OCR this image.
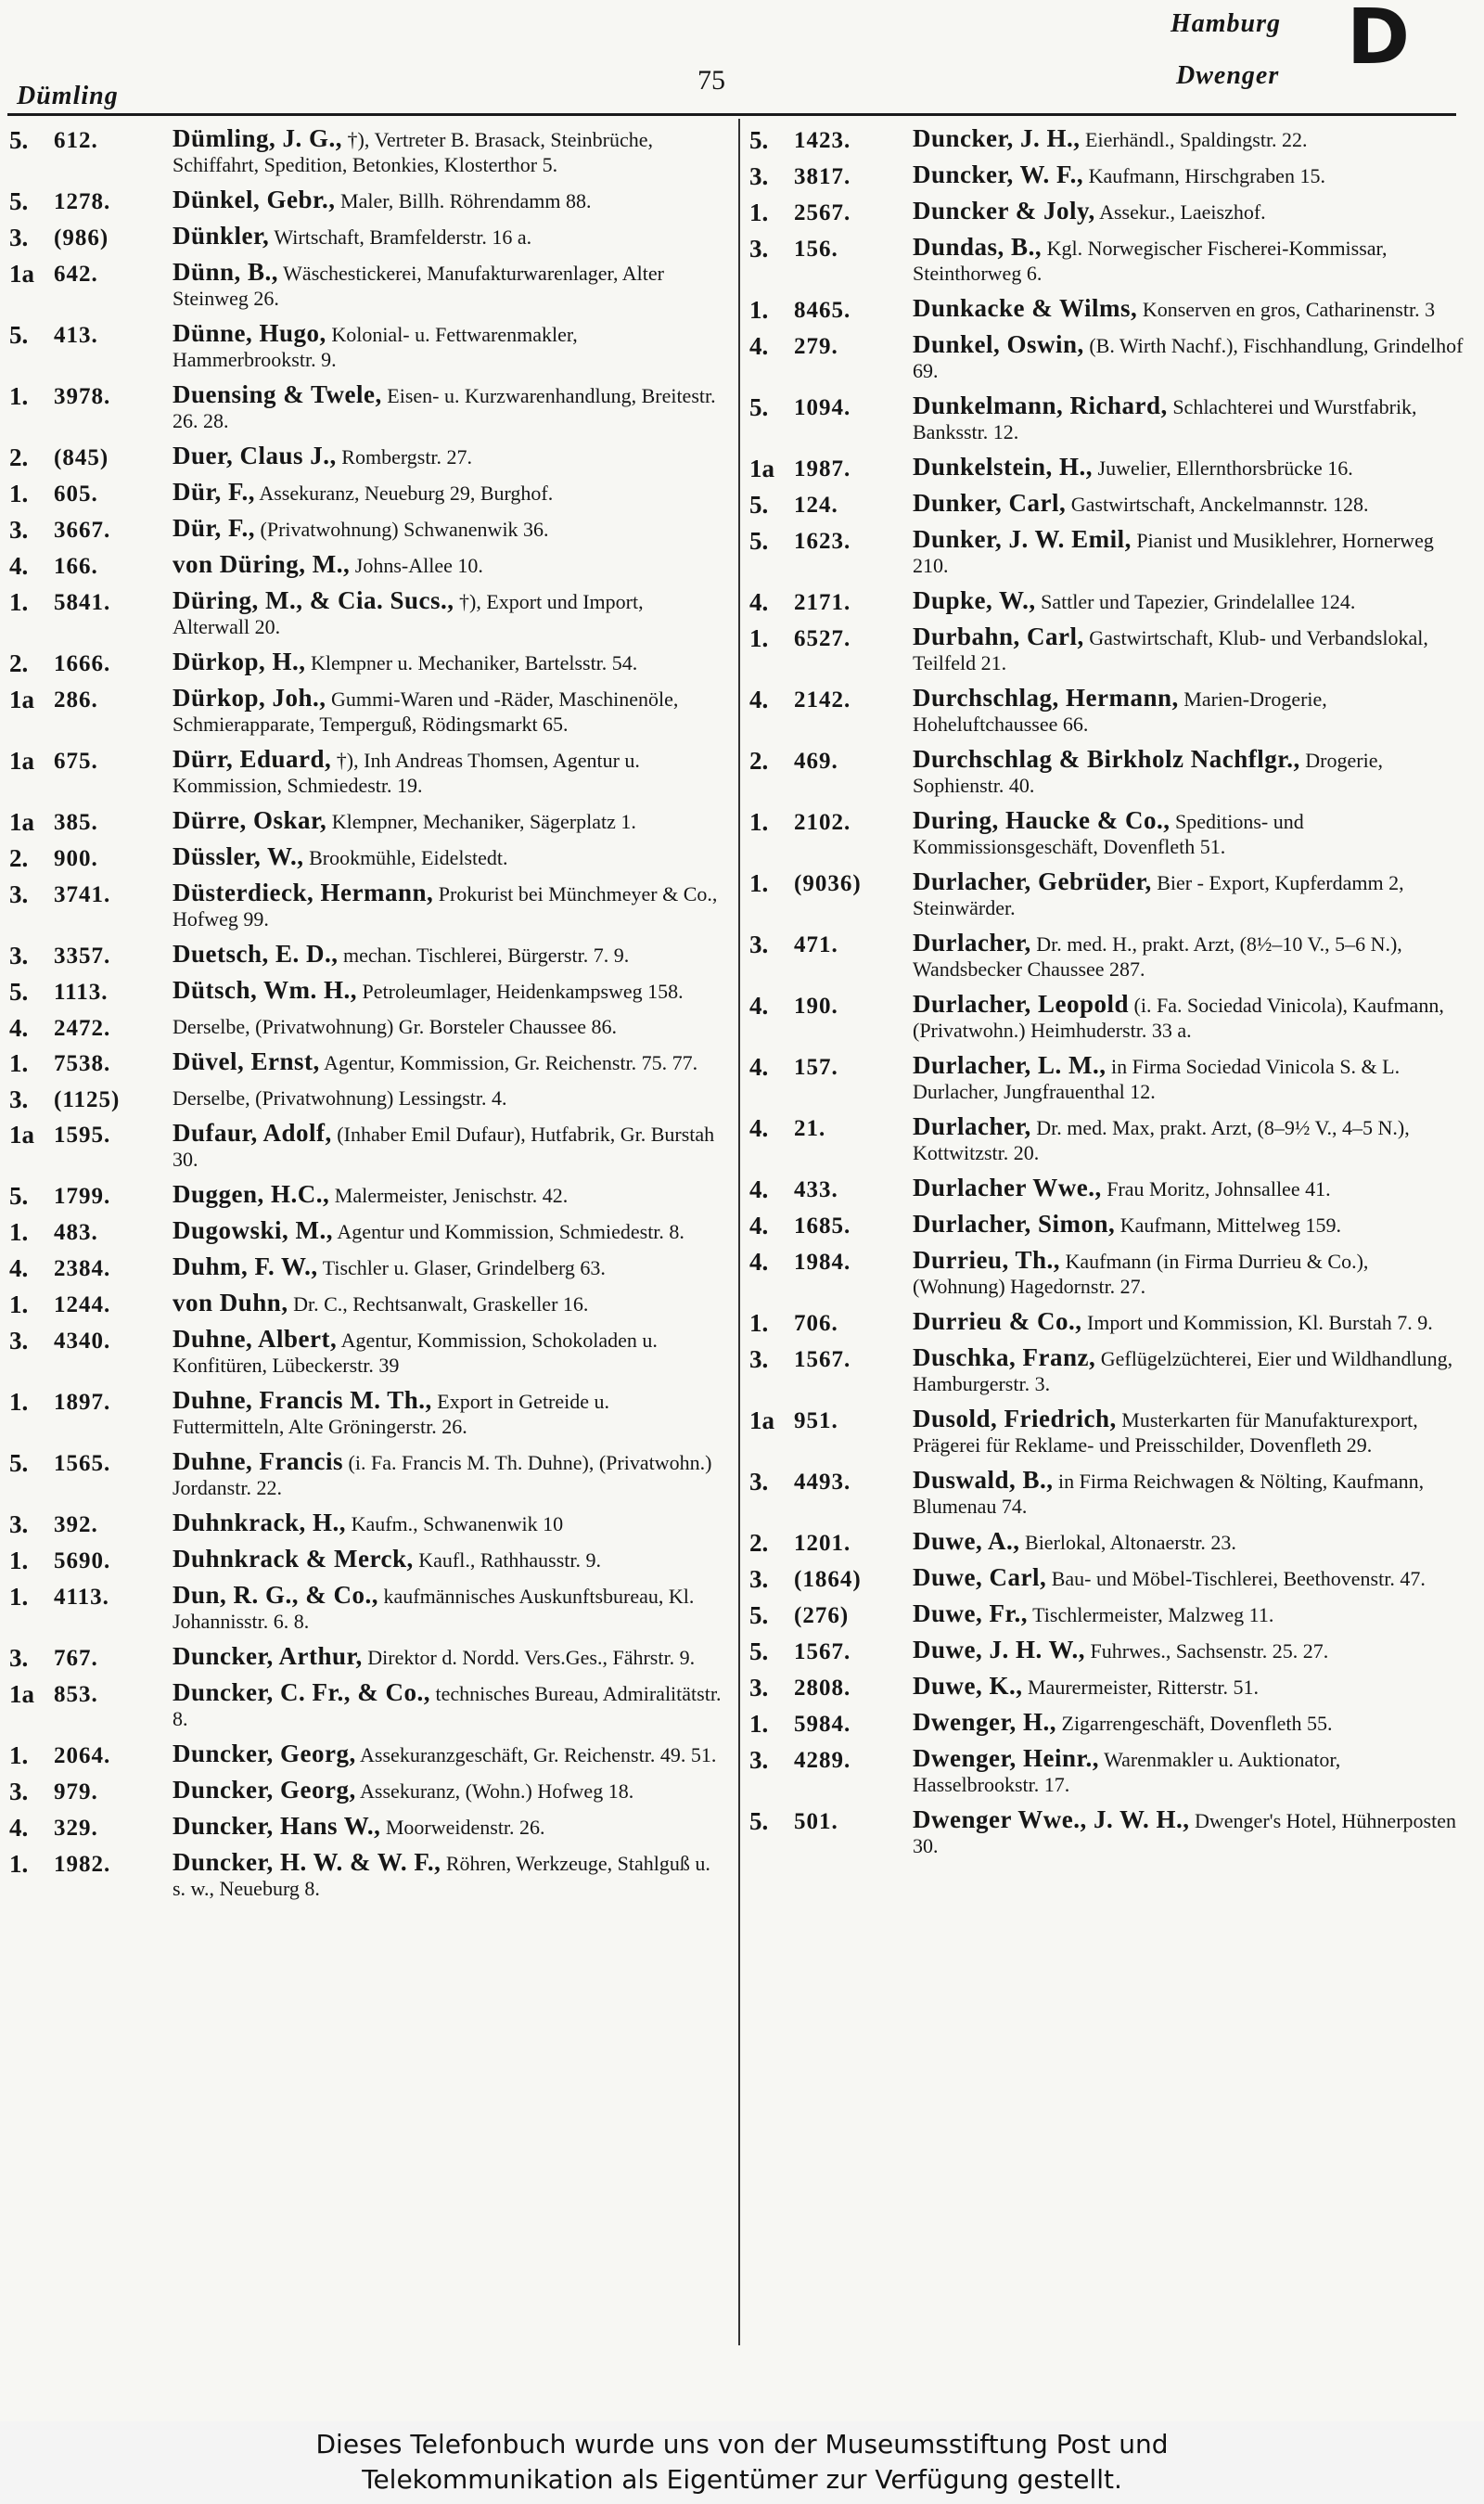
Dümling
75
Hamburg
Dwenger D
5. 612.	Dümling, J. G., †), Vertreter B. Brasack, Steinbrüche, Schiffahrt, Spedition, Betonkies, Klosterthor 5.
5. 1278. Dünkel, Gebr., Maler, Billh. Röhrendamm 88.
3. (986)	Dünkler, Wirtschaft, Bramfelderstr. 16 a.
1a 642.	Dünn, B., Wäschestickerei, Manufakturwarenlager, Alter Steinweg 26.
5. 413.	Dünne, Hugo, Kolonial- u. Fettwarenmakler, Hammerbrookstr. 9.
1. 3978. Duensing & Twele, Eisen- u. Kurzwarenhandlung, Breitestr. 26. 28.
2. (845)	Duer, Claus J., Rombergstr. 27.
1. 605.	Dür, F., Assekuranz, Neueburg 29, Burghof.
3. 3667. Dür, F., (Privatwohnung) Schwanenwik 36.
4. 166.	von Düring, M., Johns-Allee 10.
1. 5841. Düring, M., & Cia. Sucs., †), Export und Import, Alterwall 20.
2. 1666. Dürkop, H., Klempner u. Mechaniker, Bartelsstr. 54.
1a 286.	Dürkop, Joh., Gummi-Waren und -Räder, Maschinenöle, Schmierapparate, Temperguß, Rödingsmarkt 65.
1a 675.	Dürr, Eduard, †), Inh Andreas Thomsen, Agentur u. Kommission, Schmiedestr. 19.
1a 385.	Dürre, Oskar, Klempner, Mechaniker, Sägerplatz 1.
2. 900.	Düssler, W., Brookmühle, Eidelstedt.
3. 3741. Düsterdieck, Hermann, Prokurist bei Münchmeyer & Co., Hofweg 99.
3. 3357. Duetsch, E. D., mechan. Tischlerei, Bürgerstr. 7. 9.
5. 1113.	Dütsch, Wm. H., Petroleumlager, Heidenkampsweg 158.
4. 2472.	Derselbe, (Privatwohnung) Gr. Borsteler Chaussee 86.
1. 7538. Düvel, Ernst, Agentur, Kommission, Gr. Reichenstr. 75. 77.
3. (1125)	Derselbe, (Privatwohnung) Lessingstr. 4.
1a 1595. Dufaur, Adolf, (Inhaber Emil Dufaur), Hutfabrik, Gr. Burstah 30.
5. 1799. Duggen, H.C., Malermeister, Jenischstr. 42.
1. 483.	Dugowski, M., Agentur und Kommission, Schmiedestr. 8.
4. 2384. Duhm, F. W., Tischler u. Glaser, Grindelberg 63.
1. 1244. von Duhn, Dr. C., Rechtsanwalt, Graskeller 16.
3. 4340. Duhne, Albert, Agentur, Kommission, Schokoladen u. Konfitüren, Lübeckerstr. 39
1. 1897. Duhne, Francis M. Th., Export in Getreide u. Futtermitteln, Alte Gröningerstr. 26.
5. 1565. Duhne, Francis (i. Fa. Francis M. Th. Duhne), (Privatwohn.) Jordanstr. 22.
3. 392.	Duhnkrack, H., Kaufm., Schwanenwik 10
1. 5690. Duhnkrack & Merck, Kaufl., Rathhausstr. 9.
1. 4113.	Dun, R. G., & Co., kaufmännisches Auskunftsbureau, Kl. Johannisstr. 6. 8.
3. 767.	Duncker, Arthur, Direktor d. Nordd. Vers.Ges., Fährstr. 9.
1a 853.	Duncker, C. Fr., & Co., technisches Bureau, Admiralitätstr. 8.
1. 2064. Duncker, Georg, Assekuranzgeschäft, Gr. Reichenstr. 49. 51.
3. 979.	Duncker, Georg, Assekuranz, (Wohn.) Hofweg 18.
4. 329.	Duncker, Hans W., Moorweidenstr. 26.
1. 1982. Duncker, H. W. & W. F., Röhren, Werkzeuge, Stahlguß u. s. w., Neueburg 8.
5. 1423. Duncker, J. H., Eierhändl., Spaldingstr. 22.
3. 3817. Duncker, W. F., Kaufmann, Hirschgraben 15.
1. 2567. Duncker & Joly, Assekur., Laeiszhof.
3. 156.	Dundas, B., Kgl. Norwegischer Fischerei-Kommissar, Steinthorweg 6.
1. 8465. Dunkacke & Wilms, Konserven en gros, Catharinenstr. 3
4. 279.	Dunkel, Oswin, (B. Wirth Nachf.), Fischhandlung, Grindelhof 69.
5. 1094. Dunkelmann, Richard, Schlachterei und Wurstfabrik, Banksstr. 12.
1a 1987. Dunkelstein, H., Juwelier, Ellernthorsbrücke 16.
5. 124.	Dunker, Carl, Gastwirtschaft, Anckelmannstr. 128.
5. 1623. Dunker, J. W. Emil, Pianist und Musiklehrer, Hornerweg 210.
4. 2171. Dupke, W., Sattler und Tapezier, Grindelallee 124.
1. 6527. Durbahn, Carl, Gastwirtschaft, Klub- und Verbandslokal, Teilfeld 21.
4. 2142. Durchschlag, Hermann, Marien-Drogerie, Hoheluftchaussee 66.
2. 469.	Durchschlag & Birkholz Nachflgr., Drogerie, Sophienstr. 40.
1. 2102. During, Haucke & Co., Speditions- und Kommissionsgeschäft, Dovenfleth 51.
1. (9036) Durlacher, Gebrüder, Bier - Export, Kupferdamm 2, Steinwärder.
3. 471.	Durlacher, Dr. med. H., prakt. Arzt, (8½–10 V., 5–6 N.), Wandsbecker Chaussee 287.
4. 190.	Durlacher, Leopold (i. Fa. Sociedad Vinicola), Kaufmann, (Privatwohn.) Heimhuderstr. 33 a.
4. 157.	Durlacher, L. M., in Firma Sociedad Vinicola S. & L. Durlacher, Jungfrauenthal 12.
4. 21.	Durlacher, Dr. med. Max, prakt. Arzt, (8–9½ V., 4–5 N.), Kottwitzstr. 20.
4. 433.	Durlacher Wwe., Frau Moritz, Johnsallee 41.
4. 1685. Durlacher, Simon, Kaufmann, Mittelweg 159.
4. 1984. Durrieu, Th., Kaufmann (in Firma Durrieu & Co.), (Wohnung) Hagedornstr. 27.
1. 706.	Durrieu & Co., Import und Kommission, Kl. Burstah 7. 9.
3. 1567. Duschka, Franz, Geflügelzüchterei, Eier und Wildhandlung, Hamburgerstr. 3.
1a 951.	Dusold, Friedrich, Musterkarten für Manufakturexport, Prägerei für Reklame- und Preisschilder, Dovenfleth 29.
3. 4493. Duswald, B., in Firma Reichwagen & Nölting, Kaufmann, Blumenau 74.
2. 1201. Duwe, A., Bierlokal, Altonaerstr. 23.
3. (1864) Duwe, Carl, Bau- und Möbel-Tischlerei, Beethovenstr. 47.
5. (276)	Duwe, Fr., Tischlermeister, Malzweg 11.
5. 1567. Duwe, J. H. W., Fuhrwes., Sachsenstr. 25. 27.
3. 2808. Duwe, K., Maurermeister, Ritterstr. 51.
1. 5984. Dwenger, H., Zigarrengeschäft, Dovenfleth 55.
3. 4289. Dwenger, Heinr., Warenmakler u. Auktionator, Hasselbrookstr. 17.
5. 501.	Dwenger Wwe., J. W. H., Dwenger's Hotel, Hühnerposten 30.
Dieses Telefonbuch wurde uns von der Museumsstiftung Post und
Telekommunikation als Eigentümer zur Verfügung gestellt.
